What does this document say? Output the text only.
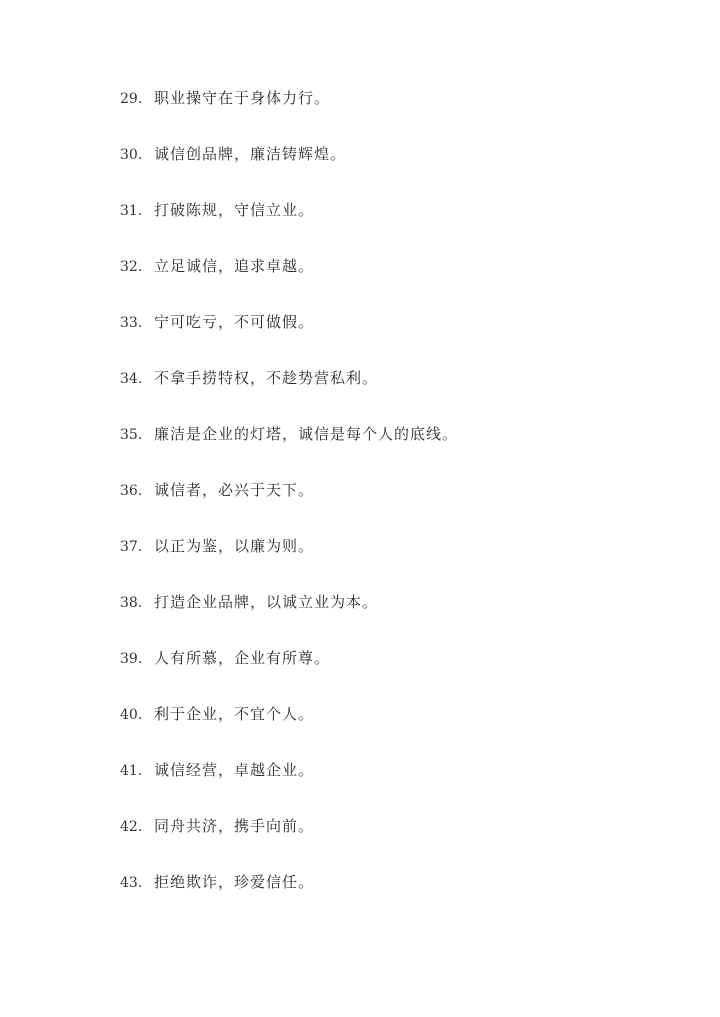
29. 职业操守在于身体力行。
30. 诚信创品牌，廉洁铸辉煌。
31. 打破陈规，守信立业。
32. 立足诚信，追求卓越。
33. 宁可吃亏，不可做假。
34. 不拿手捞特权，不趁势营私利。
35. 廉洁是企业的灯塔，诚信是每个人的底线。
36. 诚信者，必兴于天下。
37. 以正为鉴，以廉为则。
38. 打造企业品牌，以诚立业为本。
39. 人有所慕，企业有所尊。
40. 利于企业，不宜个人。
41. 诚信经营，卓越企业。
42. 同舟共济，携手向前。
43. 拒绝欺诈，珍爱信任。
